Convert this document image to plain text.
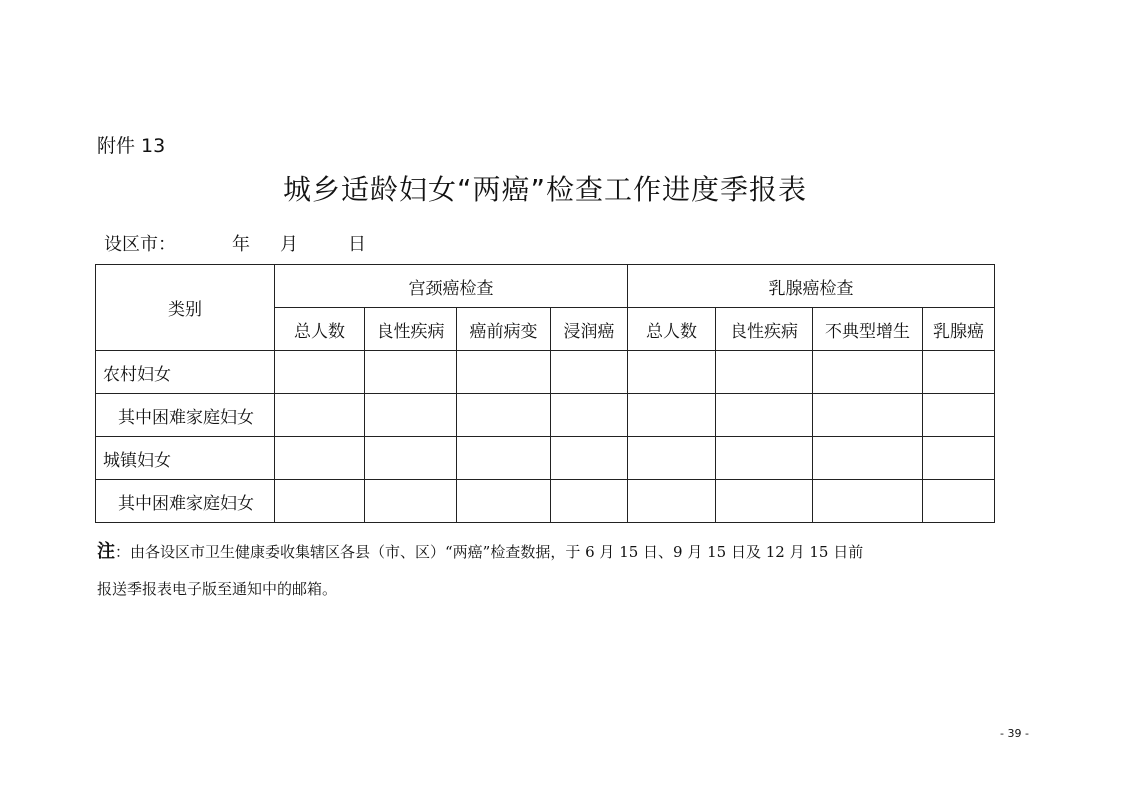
附件 13
城乡适龄妇女“两癌”检查工作进度季报表
设区市：	年 月	日
类别	宫颈癌检查				乳腺癌检查			
	总人数	良性疾病	癌前病变	浸润癌	总人数	良性疾病	不典型增生	乳腺癌
农村妇女								
其中困难家庭妇女								
城镇妇女								
其中困难家庭妇女								
注：由各设区市卫生健康委收集辖区各县（市、区）“两癌”检查数据，于 6 月 15 日、9 月 15 日及 12 月 15 日前
报送季报表电子版至通知中的邮箱。
- 39 -
